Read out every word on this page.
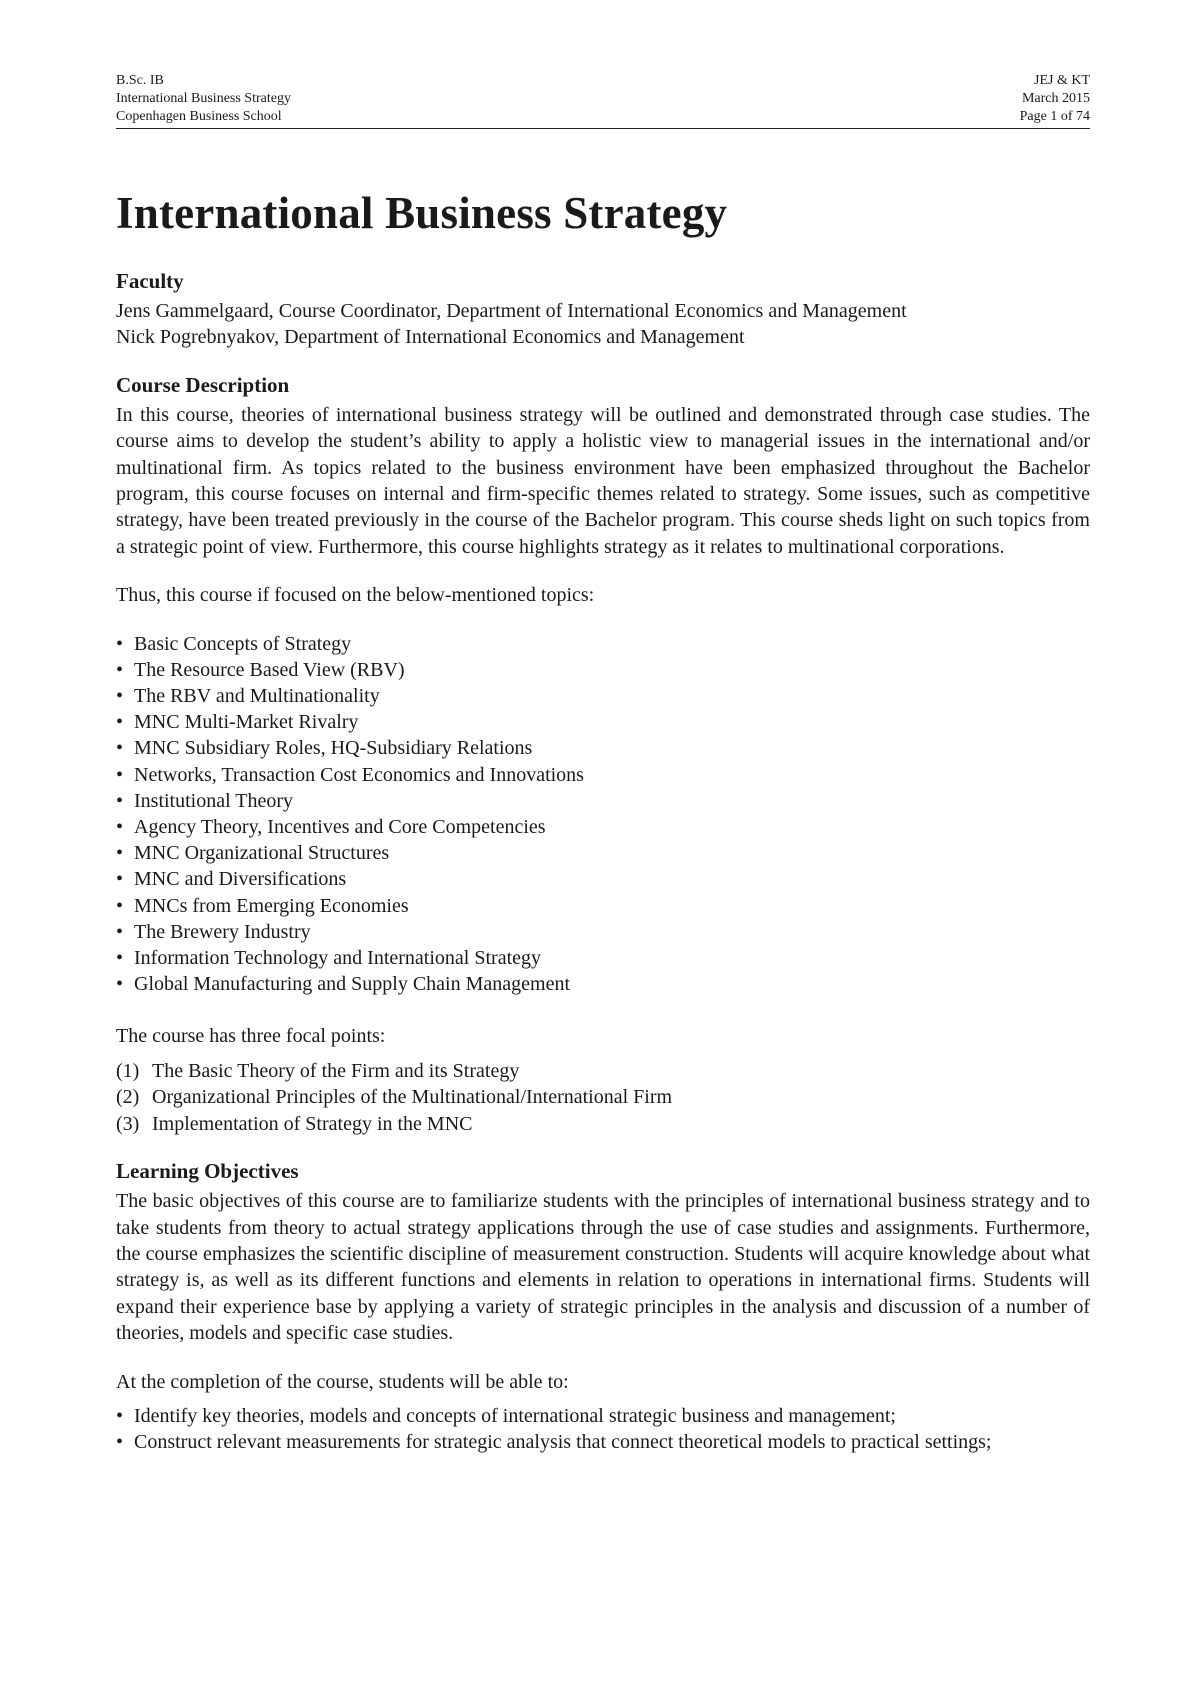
B.Sc. IB
International Business Strategy
Copenhagen Business School
JEJ & KT
March 2015
Page 1 of 74
International Business Strategy
Faculty
Jens Gammelgaard, Course Coordinator, Department of International Economics and Management
Nick Pogrebnyakov, Department of International Economics and Management
Course Description

In this course, theories of international business strategy will be outlined and demonstrated through case studies. The course aims to develop the student’s ability to apply a holistic view to managerial issues in the international and/or multinational firm. As topics related to the business environment have been emphasized throughout the Bachelor program, this course focuses on internal and firm-specific themes related to strategy. Some issues, such as competitive strategy, have been treated previously in the course of the Bachelor program. This course sheds light on such topics from a strategic point of view. Furthermore, this course highlights strategy as it relates to multinational corporations.

Thus, this course if focused on the below-mentioned topics:

• Basic Concepts of Strategy
• The Resource Based View (RBV)
• The RBV and Multinationality
• MNC Multi-Market Rivalry
• MNC Subsidiary Roles, HQ-Subsidiary Relations
• Networks, Transaction Cost Economics and Innovations
• Institutional Theory
• Agency Theory, Incentives and Core Competencies
• MNC Organizational Structures
• MNC and Diversifications
• MNCs from Emerging Economies
• The Brewery Industry
• Information Technology and International Strategy
• Global Manufacturing and Supply Chain Management

The course has three focal points:

(1) The Basic Theory of the Firm and its Strategy
(2) Organizational Principles of the Multinational/International Firm
(3) Implementation of Strategy in the MNC
Learning Objectives

The basic objectives of this course are to familiarize students with the principles of international business strategy and to take students from theory to actual strategy applications through the use of case studies and assignments. Furthermore, the course emphasizes the scientific discipline of measurement construction. Students will acquire knowledge about what strategy is, as well as its different functions and elements in relation to operations in international firms. Students will expand their experience base by applying a variety of strategic principles in the analysis and discussion of a number of theories, models and specific case studies.

At the completion of the course, students will be able to:

• Identify key theories, models and concepts of international strategic business and management;
• Construct relevant measurements for strategic analysis that connect theoretical models to practical settings;
